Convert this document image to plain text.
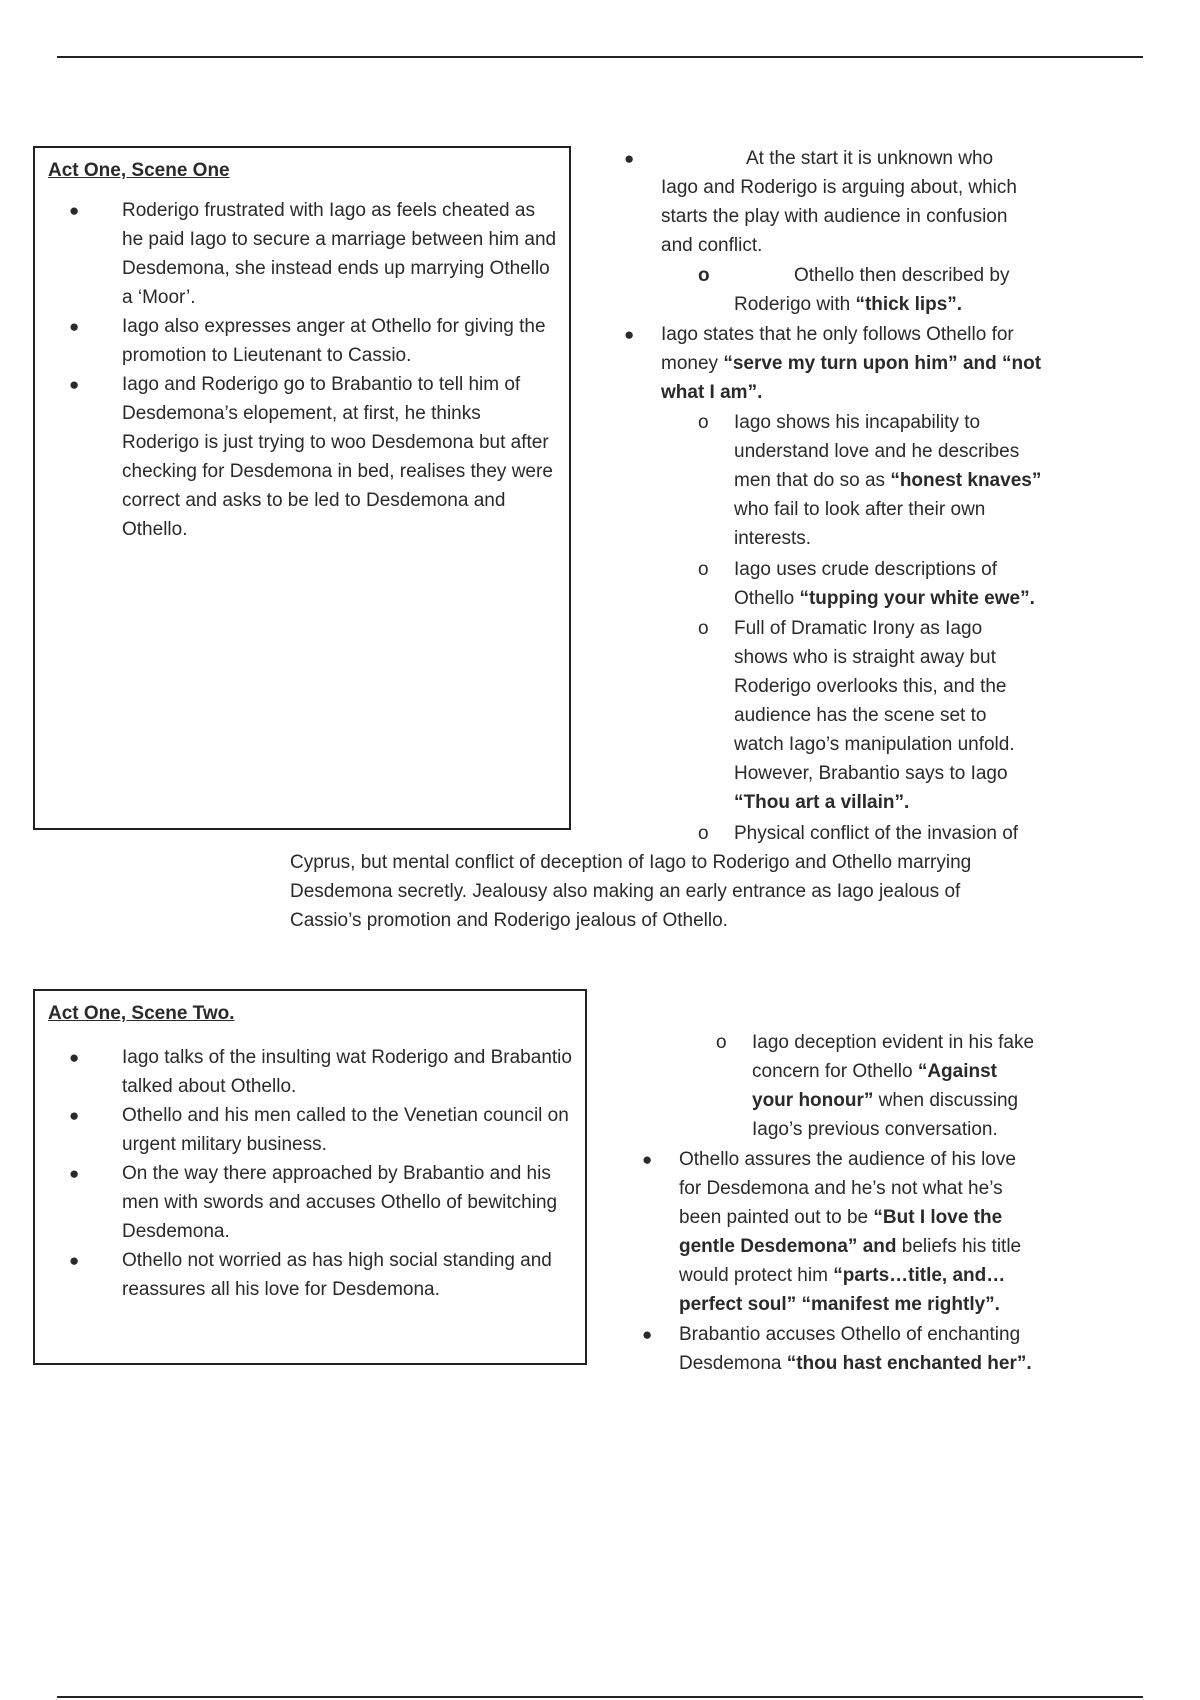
Act One, Scene One
● Roderigo frustrated with Iago as feels cheated as he paid Iago to secure a marriage between him and Desdemona, she instead ends up marrying Othello a ‘Moor’.
● Iago also expresses anger at Othello for giving the promotion to Lieutenant to Cassio.
● Iago and Roderigo go to Brabantio to tell him of Desdemona’s elopement, at first, he thinks Roderigo is just trying to woo Desdemona but after checking for Desdemona in bed, realises they were correct and asks to be led to Desdemona and Othello.
●	At the start it is unknown who
Iago and Roderigo is arguing about, which
starts the play with audience in confusion
and conflict.
o	Othello then described by
Roderigo with “thick lips”.
● Iago states that he only follows Othello for
money “serve my turn upon him” and “not
what I am”.
o Iago shows his incapability to
understand love and he describes
men that do so as “honest knaves”
who fail to look after their own
interests.
o Iago uses crude descriptions of
Othello “tupping your white ewe”.
o Full of Dramatic Irony as Iago
shows who is straight away but
Roderigo overlooks this, and the
audience has the scene set to
watch Iago’s manipulation unfold.
However, Brabantio says to Iago
“Thou art a villain”.
o Physical conflict of the invasion of
Cyprus, but mental conflict of deception of Iago to Roderigo and Othello marrying
Desdemona secretly. Jealousy also making an early entrance as Iago jealous of
Cassio’s promotion and Roderigo jealous of Othello.
Act One, Scene Two.
● Iago talks of the insulting wat Roderigo and Brabantio talked about Othello.
● Othello and his men called to the Venetian council on urgent military business.
● On the way there approached by Brabantio and his men with swords and accuses Othello of bewitching Desdemona.
● Othello not worried as has high social standing and reassures all his love for Desdemona.
o Iago deception evident in his fake
concern for Othello “Against
your honour” when discussing
Iago’s previous conversation.
● Othello assures the audience of his love
for Desdemona and he’s not what he’s
been painted out to be “But I love the
gentle Desdemona” and beliefs his title
would protect him “parts…title, and…
perfect soul” “manifest me rightly”.
● Brabantio accuses Othello of enchanting
Desdemona “thou hast enchanted her”.
